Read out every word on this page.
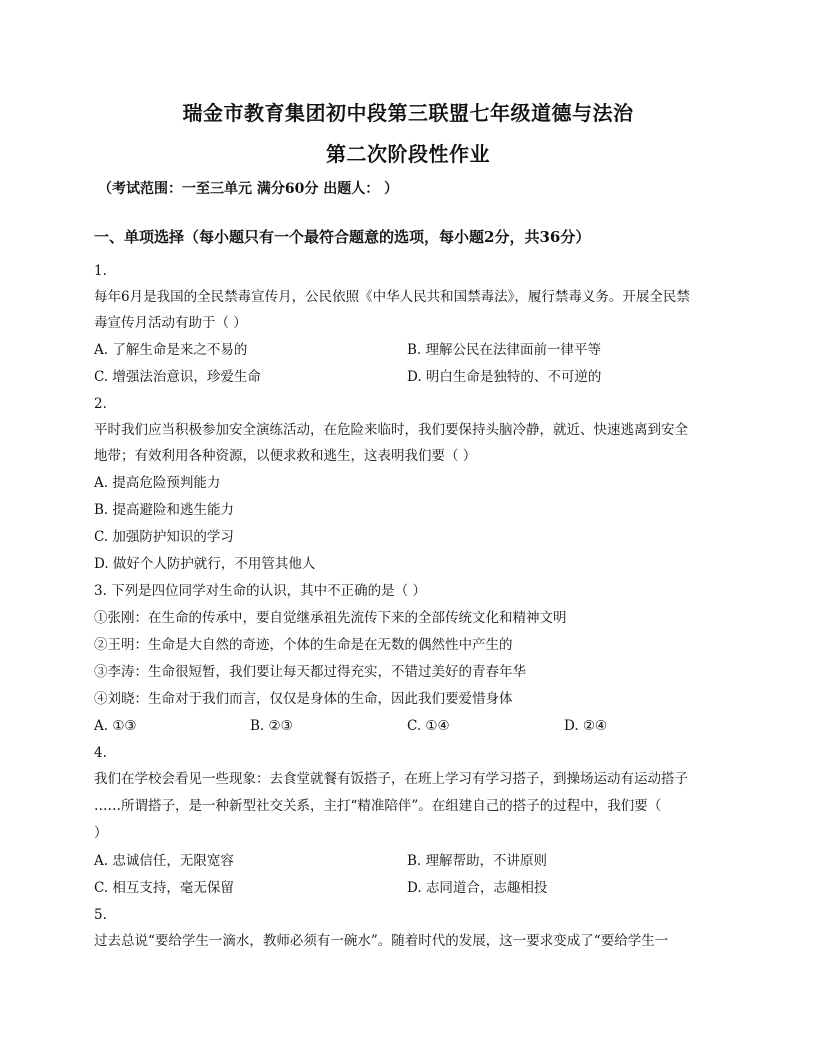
瑞金市教育集团初中段第三联盟七年级道德与法治
第二次阶段性作业
（考试范围：一至三单元 满分60分 出题人： ）
一、单项选择（每小题只有一个最符合题意的选项，每小题2分，共36分）
1.
每年6月是我国的全民禁毒宣传月，公民依照《中华人民共和国禁毒法》，履行禁毒义务。开展全民禁
毒宣传月活动有助于（ ）
A. 了解生命是来之不易的	B. 理解公民在法律面前一律平等
C. 增强法治意识，珍爱生命	D. 明白生命是独特的、不可逆的
2.
平时我们应当积极参加安全演练活动，在危险来临时，我们要保持头脑冷静，就近、快速逃离到安全
地带；有效利用各种资源，以便求救和逃生，这表明我们要（ ）
A. 提高危险预判能力
B. 提高避险和逃生能力
C. 加强防护知识的学习
D. 做好个人防护就行，不用管其他人
3. 下列是四位同学对生命的认识，其中不正确的是（ ）
①张刚：在生命的传承中，要自觉继承祖先流传下来的全部传统文化和精神文明
②王明：生命是大自然的奇迹，个体的生命是在无数的偶然性中产生的
③李涛：生命很短暂，我们要让每天都过得充实，不错过美好的青春年华
④刘晓：生命对于我们而言，仅仅是身体的生命，因此我们要爱惜身体
A. ①③	B. ②③	C. ①④	D. ②④
4.
我们在学校会看见一些现象：去食堂就餐有饭搭子，在班上学习有学习搭子，到操场运动有运动搭子
……所谓搭子，是一种新型社交关系，主打“精准陪伴”。在组建自己的搭子的过程中，我们要（
）
A. 忠诚信任，无限宽容	B. 理解帮助，不讲原则
C. 相互支持，毫无保留	D. 志同道合，志趣相投
5.
过去总说“要给学生一滴水，教师必须有一碗水”。随着时代的发展，这一要求变成了“要给学生一
